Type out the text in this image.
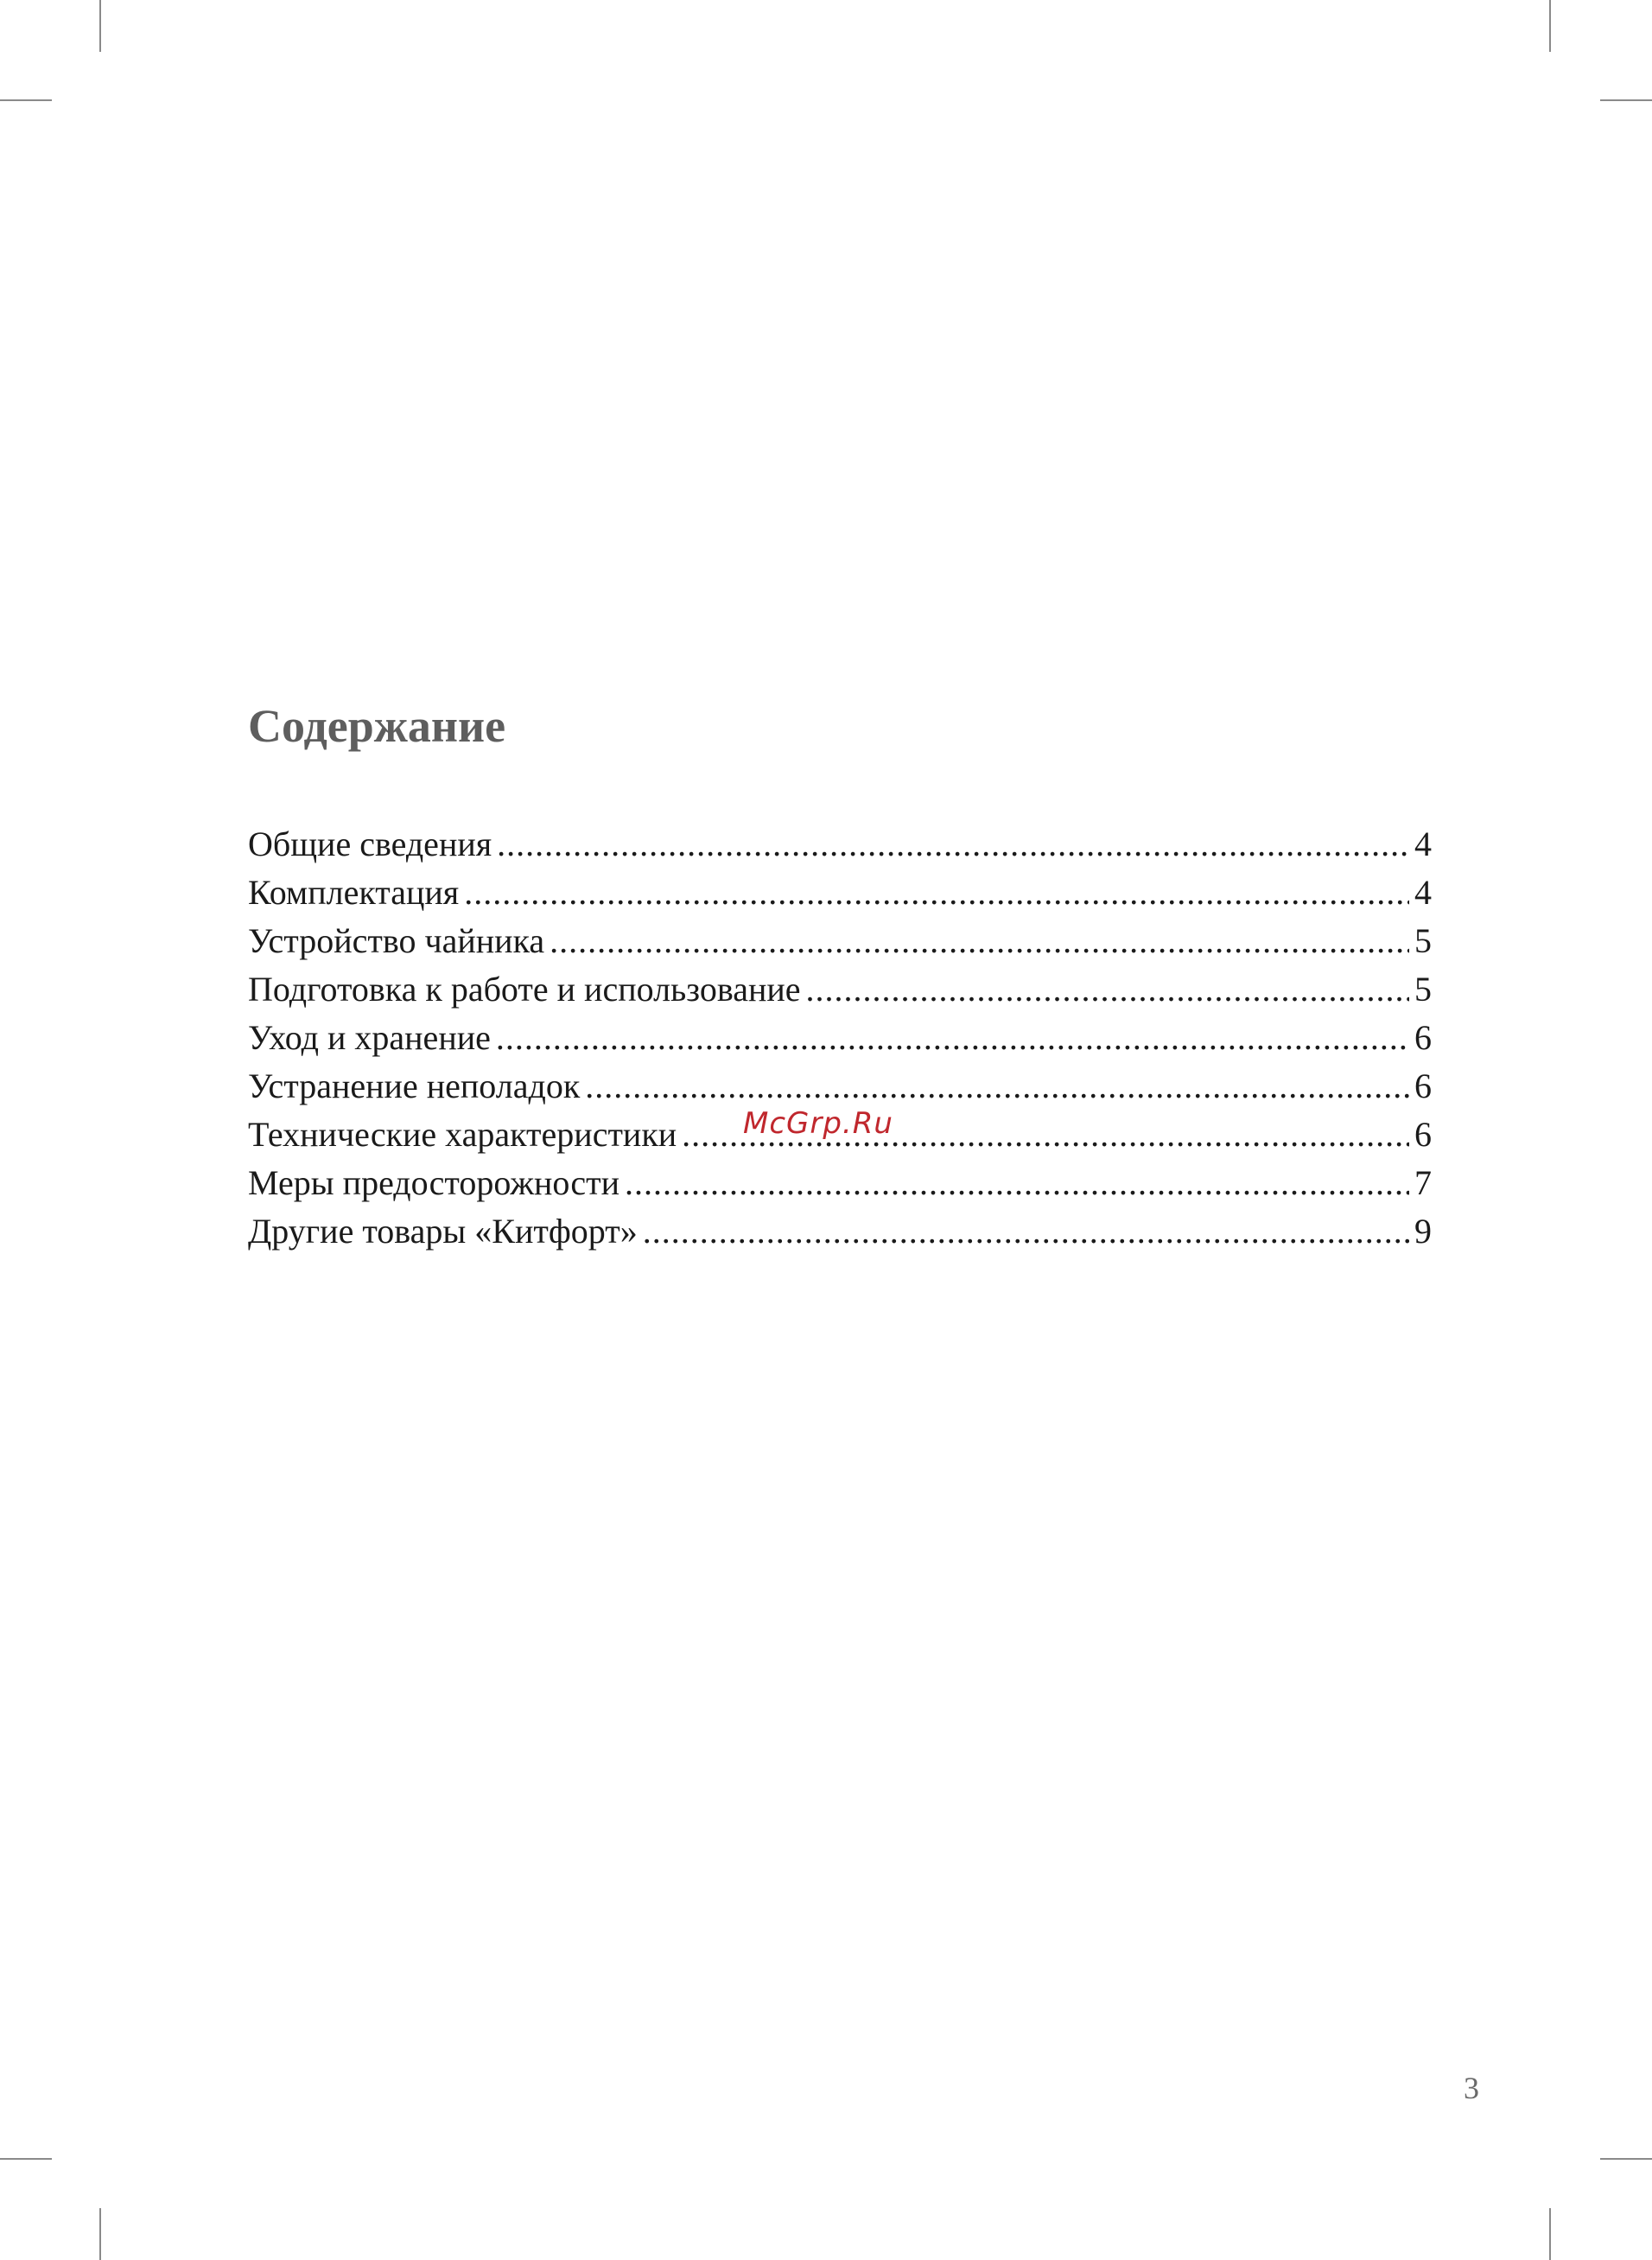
Содержание
Общие сведения .....	4
Комплектация .....	4
Устройство чайника .....	5
Подготовка к работе и использование .....	5
Уход и хранение .....	6
Устранение неполадок .....	6
Технические характеристики .....	6
Меры предосторожности .....	7
Другие товары «Китфорт» .....	9
McGrp.Ru
3
